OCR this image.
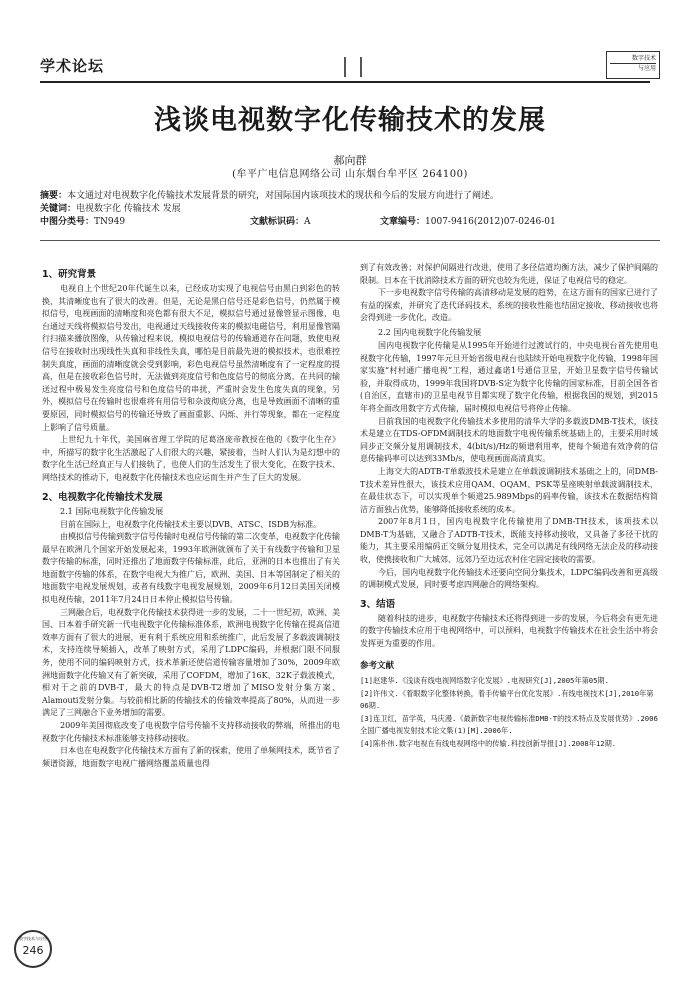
学术论坛	数字技术
与应用
浅谈电视数字化传输技术的发展
郝向群
(牟平广电信息网络公司 山东烟台牟平区 264100)
摘要：本文通过对电视数字化传输技术发展背景的研究，对国际国内该项技术的现状和今后的发展方向进行了阐述。
关键词：电视数字化 传输技术 发展
中图分类号：TN949	文献标识码：A	文章编号：1007-9416(2012)07-0246-01
1、研究背景

电视自上个世纪20年代诞生以来，已经成功实现了电视信号由黑白到彩色的转换，其清晰度也有了很大的改善。但是，无论是黑白信号还是彩色信号，仍然属于模拟信号，电视画面的清晰度和亮色都有很大不足，模拟信号通过显像管显示图像，电台通过天线将模拟信号发出，电视通过天线接收传来的模拟电磁信号，利用显像管隔行扫描来播放图像，从传输过程来说，模拟电视信号的传输通道存在问题，致使电视信号在接收时出现线性失真和非线性失真，哪怕是目前最先进的模拟技术，也很难控制失真度，画面的清晰度就会受到影响，彩色电视信号虽然清晰度有了一定程度的提高，但是在接收彩色信号时，无法做到亮度信号和色度信号的彻底分离，在共同的输送过程中极易发生亮度信号和色度信号的串扰，严重时会发生色度失真的现象，另外，模拟信号在传输时也很难将有用信号和杂波彻底分离，也是导致画面不清晰的重要原因，同时模拟信号的传输还导致了画面重影、闪烁、并行等现象，都在一定程度上影响了信号质量。

上世纪九十年代，美国麻省理工学院的尼葛洛庞帝教授在他的《数字化生存》中，所描写的数字化生活激起了人们很大的兴趣，紧接着，当时人们认为是幻想中的数字化生活已经真正与人们接轨了，也使人们的生活发生了很大变化，在数字技术、网络技术的推动下，电视数字化传输技术也应运而生并产生了巨大的发展。

2、电视数字化传输技术发展
2.1 国际电视数字化传输发展

目前在国际上，电视数字化传输技术主要以DVB、ATSC、ISDB为标准。

由模拟信号传输到数字信号传输时电视信号传输的第二次变革，电视数字化传输最早在欧洲几个国家开始发展起来，1993年欧洲就颁布了关于有线数字传输和卫星数字传输的标准，同时还推出了地面数字传输标准，此后，亚洲的日本也推出了有关地面数字传输的体系，在数字电视大为推广后，欧洲、美国、日本等国制定了相关的地面数字电视发展规划，或者有线数字电视发展规划，2009年6月12日美国关闭模拟电视传输，2011年7月24日日本停止模拟信号传输。

三网融合后，电视数字化传输技术获得进一步的发展，二十一世纪初，欧洲、美国、日本着手研究新一代电视数字化传输标准体系，欧洲电视数字化传输在提高信道效率方面有了很大的进展，更有利于系统应用和系统推广，此后发展了多载波调制技术，支持连续导频插入，改革了映射方式，采用了LDPC编码，并根据门限不同服务，使用不同的编码映射方式，技术革新还使信道传输容量增加了30%，2009年欧洲地面数字化传输又有了新突破，采用了COFDM，增加了16K、32K子载波模式，相对于之前的DVB-T，最大的特点是DVB-T2增加了MISO发射分集方案、Alamouti发射分集。与较前相比新的传输技术的传输效率提高了80%，从而进一步满足了三网融合下业务增加的需要。

2009年美国彻底改变了电视数字信号传输不支持移动接收的弊端，所推出的电视数字化传输技术标准能够支持移动接收。

日本也在电视数字化传输技术方面有了新的探索，使用了单频网技术，既节省了频谱资源，地面数字电视广播网络覆盖质量也得

到了有效改善；对保护间隔进行改进，使用了多径信道均衡方法，减少了保护间隔的限制。日本在干扰消除技术方面的研究也较为先进，保证了电视信号的稳定。

下一步电视数字信号传输的高清移动是发展的趋势，在这方面有的国家已进行了有益的探索，并研究了迭代译码技术，系统的接收性能也结固定接收、移动接收也将会得到进一步优化，改造。

2.2 国内电视数字化传输发展

国内电视数字化传输是从1995年开始进行过渡试行的，中央电视台首先使用电视数字化传输，1997年元旦开始省级电视台也陆续开始电视数字化传输，1998年国家实施“村村通广播电视”工程，通过鑫诺1号通信卫星，开始卫星数字信号传输试验，并取得成功，1999年我国将DVB-S定为数字化传输的国家标准，目前全国各省(自治区，直辖市)的卫星电视节目都实现了数字化传输，根据我国的规划，到2015年将全面改用数字方式传输，届时模拟电视信号将停止传输。

目前我国的电视数字化传输技术多使用的清华大学的多载波DMB-T技术，该技术是建立在TDS-OFDM调制技术的地面数字电视传输系统基础上的，主要采用时域同步正交频分复用调制技术，4(bit/s)/Hz的频谱利用率，使每个频道有效净荷的信息传输码率可以达到33Mb/s，使电视画面高清真实。

上海交大的ADTB-T单载波技术是建立在单载波调制技术基础之上的，同DMB-T技术差异性很大，该技术应用QAM、OQAM、PSK等星座映射单载波调制技术，在最佳状态下，可以实现单个频道25.989Mbps的码率传输，该技术在数据结构简洁方面独占优势，能够降低接收系统的成本。

2007年8月1日，国内电视数字化传输使用了DMB-TH技术，该项技术以DMB-T为基础，又融合了ADTB-T技术，既能支持移动接收，又具备了多径干扰的能力，其主要采用编码正交频分复用技术，完全可以满足有线网络无法企及的移动接收，使携接收和广大城郊、远郊乃至边远农村住宅固定接收的需要。

今后，国内电视数字化传输技术还要向空间分集技术，LDPC编码改善和更高级的调制模式发展，同时要考虑四网融合的网络架构。

3、结语

随着科技的进步，电视数字传输技术还将得到进一步的发展，今后将会有更先进的数字传输技术应用于电视网络中，可以预料，电视数字传输技术在社会生活中将会发挥更为重要的作用。

参考文献
[1]赵建华.《浅谈有线电视网络数字化发展》.电视研究[J],2005年第05期.
[2]许伟文.《着眼数字化整体转换，着手传输平台优化发展》.有线电视技术[J],2010年第06期.
[3]连卫红，苗学英，马庆漫.《最新数字电视传输标准DMB-T的技术特点及发展优势》.2006全国广播电视发射技术论文集(1)[M].2006年.
[4]陈朴伟.数字电视在有线电视网络中的传输.科技创新导报[J].2008年12期.
数字技术与应用
246
